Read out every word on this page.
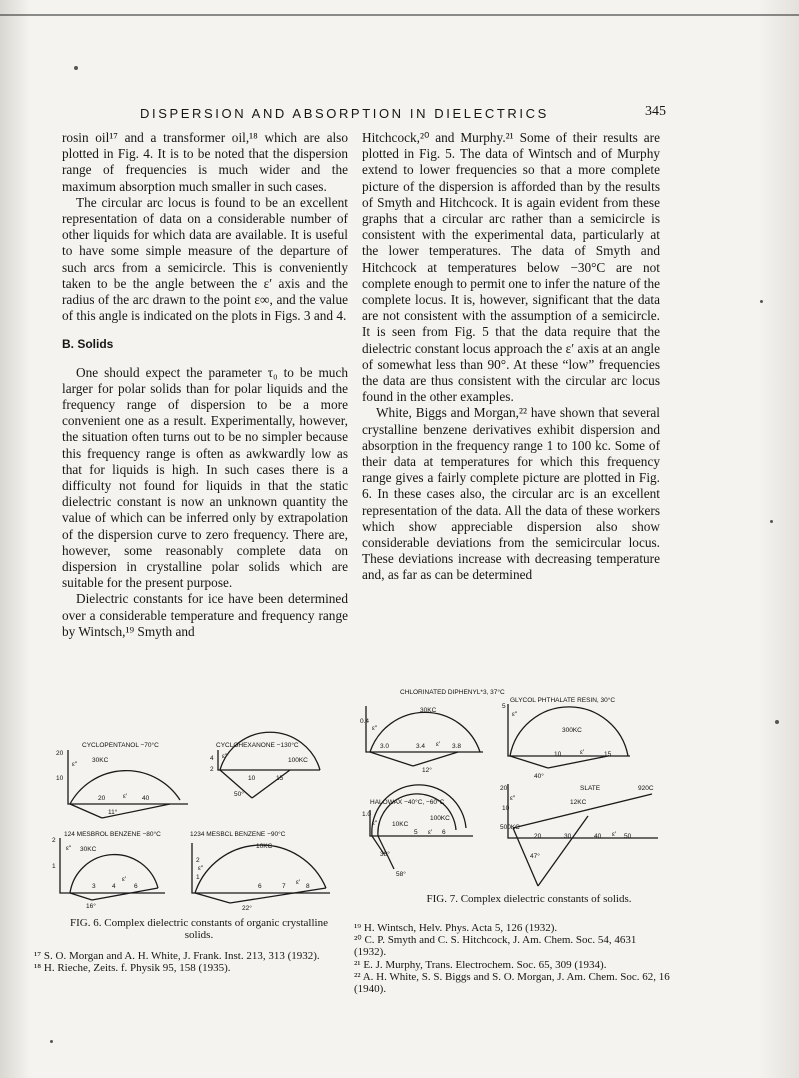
DISPERSION AND ABSORPTION IN DIELECTRICS	345

rosin oil¹⁷ and a transformer oil,¹⁸ which are also plotted in Fig. 4. It is to be noted that the dispersion range of frequencies is much wider and the maximum absorption much smaller in such cases.

The circular arc locus is found to be an excellent representation of data on a considerable number of other liquids for which data are available. It is useful to have some simple measure of the departure of such arcs from a semicircle. This is conveniently taken to be the angle between the ε′ axis and the radius of the arc drawn to the point ε∞, and the value of this angle is indicated on the plots in Figs. 3 and 4.

B. Solids

One should expect the parameter τ₀ to be much larger for polar solids than for polar liquids and the frequency range of dispersion to be a more convenient one as a result. Experimentally, however, the situation often turns out to be no simpler because this frequency range is often as awkwardly low as that for liquids is high. In such cases there is a difficulty not found for liquids in that the static dielectric constant is now an unknown quantity the value of which can be inferred only by extrapolation of the dispersion curve to zero frequency. There are, however, some reasonably complete data on dispersion in crystalline polar solids which are suitable for the present purpose.

Dielectric constants for ice have been determined over a considerable temperature and frequency range by Wintsch,¹⁹ Smyth and

Hitchcock,²⁰ and Murphy.²¹ Some of their results are plotted in Fig. 5. The data of Wintsch and of Murphy extend to lower frequencies so that a more complete picture of the dispersion is afforded than by the results of Smyth and Hitchcock. It is again evident from these graphs that a circular arc rather than a semicircle is consistent with the experimental data, particularly at the lower temperatures. The data of Smyth and Hitchcock at temperatures below −30°C are not complete enough to permit one to infer the nature of the complete locus. It is, however, significant that the data are not consistent with the assumption of a semicircle. It is seen from Fig. 5 that the data require that the dielectric constant locus approach the ε′ axis at an angle of somewhat less than 90°. At these “low” frequencies the data are thus consistent with the circular arc locus found in the other examples.

White, Biggs and Morgan,²² have shown that several crystalline benzene derivatives exhibit dispersion and absorption in the frequency range 1 to 100 kc. Some of their data at temperatures for which this frequency range gives a fairly complete picture are plotted in Fig. 6. In these cases also, the circular arc is an excellent representation of the data. All the data of these workers which show appreciable dispersion also show considerable deviations from the semicircular locus. These deviations increase with decreasing temperature and, as far as can be determined

CYCLOPENTANOL −70°C
30KC
20
10
ε″
20	ε′ 40
11°
CYCLOHEXANONE −130°C
4
2
ε″
100KC
10	15
50°
124 MESBROL BENZENE −80°C
30KC
2
1
ε″
3	4
ε′
6
16°
1234 MESBCL BENZENE −90°C
10KC
2
1
ε″
6	7
ε′
8
22°
FIG. 6. Complex dielectric constants of organic crystalline solids.
CHLORINATED DIPHENYL*3, 37°C
30KC
0.4
ε″
3.0	3.4 ε′ 3.8
12°
GLYCOL PHTHALATE RESIN, 30°C
5
ε″
300KC
10	ε′	15
40°
HALOWAX −40°C, −60°C
1.0
ε″
100KC
10KC
5 ε′ 6
38°
58°
SLATE	920C
12KC
20
ε″
10
500KC
20	30	40 ε′ 50
47°
FIG. 7. Complex dielectric constants of solids.

¹⁷ S. O. Morgan and A. H. White, J. Frank. Inst. 213, 313 (1932).

¹⁸ H. Rieche, Zeits. f. Physik 95, 158 (1935).

¹⁹ H. Wintsch, Helv. Phys. Acta 5, 126 (1932).

²⁰ C. P. Smyth and C. S. Hitchcock, J. Am. Chem. Soc. 54, 4631 (1932).

²¹ E. J. Murphy, Trans. Electrochem. Soc. 65, 309 (1934).

²² A. H. White, S. S. Biggs and S. O. Morgan, J. Am. Chem. Soc. 62, 16 (1940).
